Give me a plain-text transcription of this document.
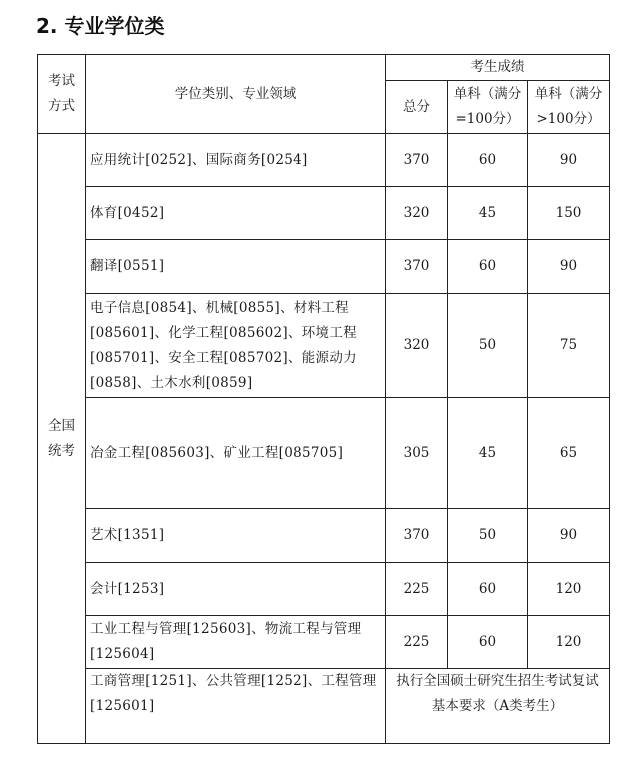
2. 专业学位类
考试方式	学位类别、专业领域	考生成绩		
		总分	单科（满分=100分）	单科（满分>100分）
全国统考	应用统计[0252]、国际商务[0254]	370	60	90
	体育[0452]	320	45	150
	翻译[0551]	370	60	90
	电子信息[0854]、机械[0855]、材料工程[085601]、化学工程[085602]、环境工程[085701]、安全工程[085702]、能源动力[0858]、土木水利[0859]	320	50	75
	冶金工程[085603]、矿业工程[085705]	305	45	65
	艺术[1351]	370	50	90
	会计[1253]	225	60	120
	工业工程与管理[125603]、物流工程与管理[125604]	225	60	120
	工商管理[1251]、公共管理[1252]、工程管理[125601]	执行全国硕士研究生招生考试复试基本要求（A类考生）		
